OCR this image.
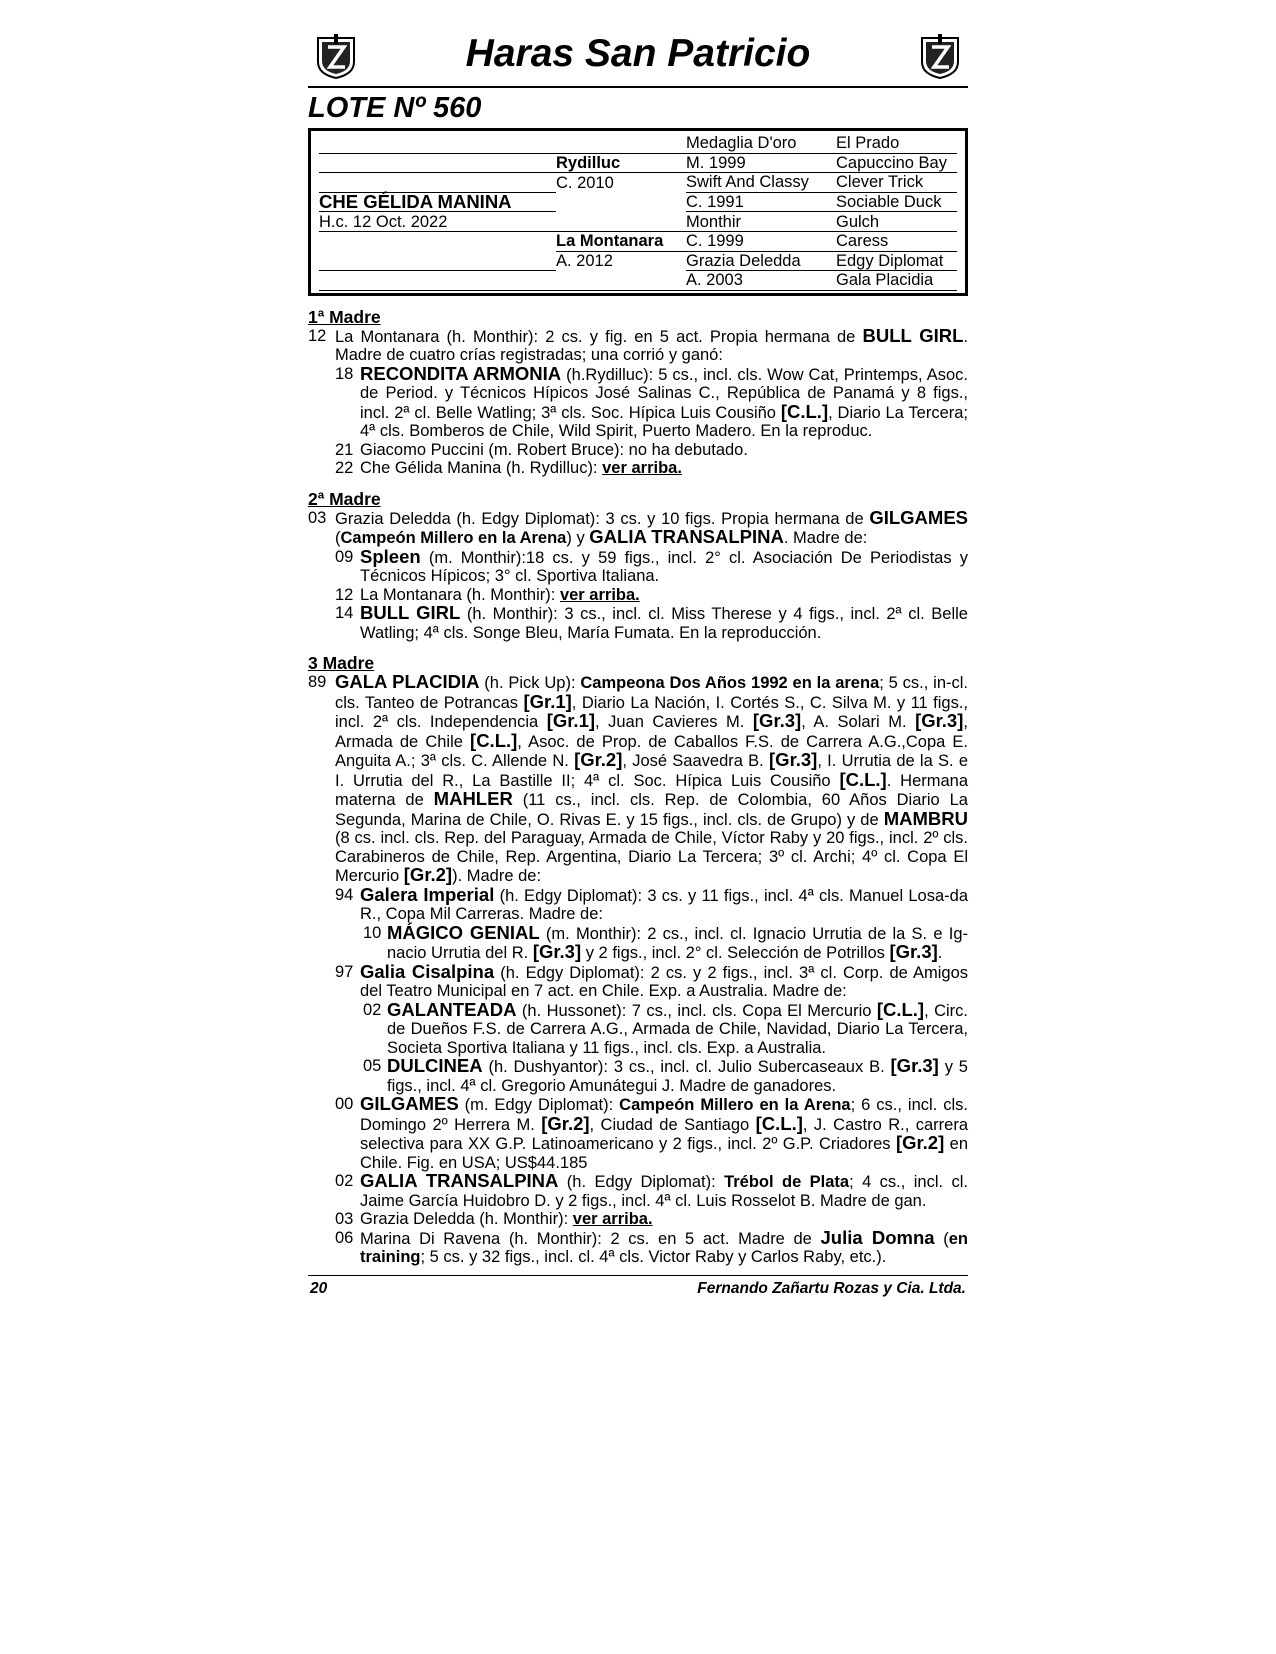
Haras San Patricio
LOTE Nº 560
		Medaglia D'oro	El Prado
	Rydilluc	M. 1999	Capuccino Bay
	C. 2010	Swift And Classy	Clever Trick
CHE GÉLIDA MANINA		C. 1991	Sociable Duck
H.c. 12 Oct. 2022		Monthir	Gulch
	La Montanara	C. 1999	Caress
	A. 2012	Grazia Deledda	Edgy Diplomat
		A. 2003	Gala Placidia
1ª Madre
12 La Montanara (h. Monthir): 2 cs. y fig. en 5 act. Propia hermana de BULL GIRL. Madre de cuatro crías registradas; una corrió y ganó:
18 RECONDITA ARMONIA (h.Rydilluc): 5 cs., incl. cls. Wow Cat, Printemps, Asoc. de Period. y Técnicos Hípicos José Salinas C., República de Panamá y 8 figs., incl. 2ª cl. Belle Watling; 3ª cls. Soc. Hípica Luis Cousiño [C.L.], Diario La Tercera; 4ª cls. Bomberos de Chile, Wild Spirit, Puerto Madero. En la reproduc.
21 Giacomo Puccini (m. Robert Bruce): no ha debutado.
22 Che Gélida Manina (h. Rydilluc): ver arriba.
2ª Madre
03 Grazia Deledda (h. Edgy Diplomat): 3 cs. y 10 figs. Propia hermana de GILGAMES (Campeón Millero en la Arena) y GALIA TRANSALPINA. Madre de:
09 Spleen (m. Monthir):18 cs. y 59 figs., incl. 2° cl. Asociación De Periodistas y Técnicos Hípicos; 3° cl. Sportiva Italiana.
12 La Montanara (h. Monthir): ver arriba.
14 BULL GIRL (h. Monthir): 3 cs., incl. cl. Miss Therese y 4 figs., incl. 2ª cl. Belle Watling; 4ª cls. Songe Bleu, María Fumata. En la reproducción.
3 Madre
89 GALA PLACIDIA (h. Pick Up): Campeona Dos Años 1992 en la arena; 5 cs., in-cl. cls. Tanteo de Potrancas [Gr.1], Diario La Nación, I. Cortés S., C. Silva M. y 11 figs., incl. 2ª cls. Independencia [Gr.1], Juan Cavieres M. [Gr.3], A. Solari M. [Gr.3], Armada de Chile [C.L.], Asoc. de Prop. de Caballos F.S. de Carrera A.G.,Copa E. Anguita A.; 3ª cls. C. Allende N. [Gr.2], José Saavedra B. [Gr.3], I. Urrutia de la S. e I. Urrutia del R., La Bastille II; 4ª cl. Soc. Hípica Luis Cousiño [C.L.]. Hermana materna de MAHLER (11 cs., incl. cls. Rep. de Colombia, 60 Años Diario La Segunda, Marina de Chile, O. Rivas E. y 15 figs., incl. cls. de Grupo) y de MAMBRU (8 cs. incl. cls. Rep. del Paraguay, Armada de Chile, Víctor Raby y 20 figs., incl. 2º cls. Carabineros de Chile, Rep. Argentina, Diario La Tercera; 3º cl. Archi; 4º cl. Copa El Mercurio [Gr.2]). Madre de:
94 Galera Imperial (h. Edgy Diplomat): 3 cs. y 11 figs., incl. 4ª cls. Manuel Losa-da R., Copa Mil Carreras. Madre de:
10 MÁGICO GENIAL (m. Monthir): 2 cs., incl. cl. Ignacio Urrutia de la S. e Ig-nacio Urrutia del R. [Gr.3] y 2 figs., incl. 2° cl. Selección de Potrillos [Gr.3].
97 Galia Cisalpina (h. Edgy Diplomat): 2 cs. y 2 figs., incl. 3ª cl. Corp. de Amigos del Teatro Municipal en 7 act. en Chile. Exp. a Australia. Madre de:
02 GALANTEADA (h. Hussonet): 7 cs., incl. cls. Copa El Mercurio [C.L.], Circ. de Dueños F.S. de Carrera A.G., Armada de Chile, Navidad, Diario La Tercera, Societa Sportiva Italiana y 11 figs., incl. cls. Exp. a Australia.
05 DULCINEA (h. Dushyantor): 3 cs., incl. cl. Julio Subercaseaux B. [Gr.3] y 5 figs., incl. 4ª cl. Gregorio Amunátegui J. Madre de ganadores.
00 GILGAMES (m. Edgy Diplomat): Campeón Millero en la Arena; 6 cs., incl. cls. Domingo 2º Herrera M. [Gr.2], Ciudad de Santiago [C.L.], J. Castro R., carrera selectiva para XX G.P. Latinoamericano y 2 figs., incl. 2º G.P. Criadores [Gr.2] en Chile. Fig. en USA; US$44.185
02 GALIA TRANSALPINA (h. Edgy Diplomat): Trébol de Plata; 4 cs., incl. cl. Jaime García Huidobro D. y 2 figs., incl. 4ª cl. Luis Rosselot B. Madre de gan.
03 Grazia Deledda (h. Monthir): ver arriba.
06 Marina Di Ravena (h. Monthir): 2 cs. en 5 act. Madre de Julia Domna (en training; 5 cs. y 32 figs., incl. cl. 4ª cls. Victor Raby y Carlos Raby, etc.).
20	Fernando Zañartu Rozas y Cia. Ltda.
